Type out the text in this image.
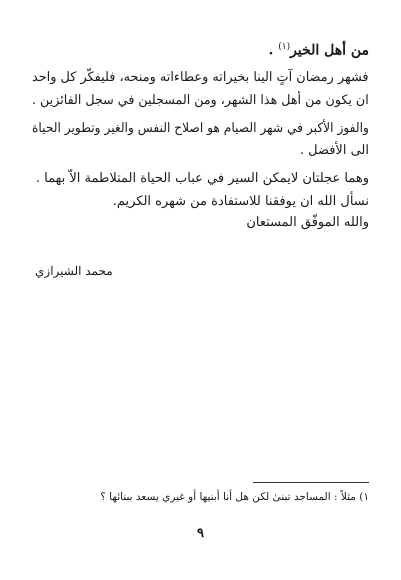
من أهل الخير$^{(١)}$ .
فشهر رمضان آتٍ الينا بخيراته وعطاءاته ومنحه، فليفكّر كل واحد
ان يكون من أهل هذا الشهر، ومن المسجلين في سجل الفائزين .
والفوز الأكبر في شهر الصيام هو اصلاح النفس والغير وتطوير الحياة
الى الأفضل .
وهما عجلتان لايمكن السير في عباب الحياة المتلاطمة الاّ بهما .
نسأل الله ان يوفقنا للاستفادة من شهره الكريم.
والله الموفّق المستعان
محمد الشيرازي
١) مثلاً : المساجد تبنىٰ لكن هل أنا أبنيها أو غيري يسعد ببنائها ؟
٩
